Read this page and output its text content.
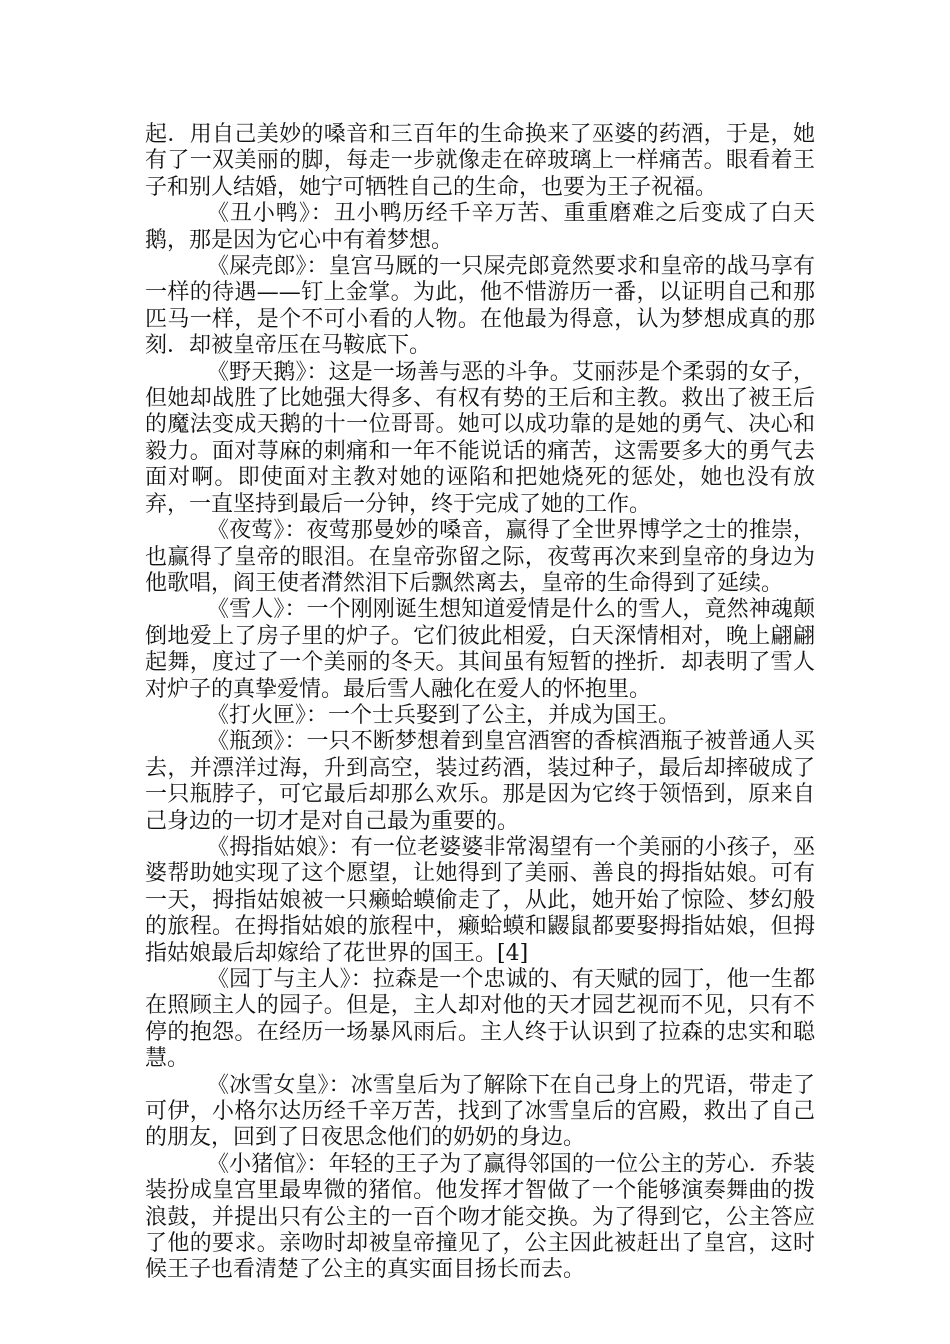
起．用自己美妙的嗓音和三百年的生命换来了巫婆的药酒，于是，她有了一双美丽的脚，每走一步就像走在碎玻璃上一样痛苦。眼看着王子和别人结婚，她宁可牺牲自己的生命，也要为王子祝福。

《丑小鸭》：丑小鸭历经千辛万苦、重重磨难之后变成了白天鹅，那是因为它心中有着梦想。

《屎壳郎》：皇宫马厩的一只屎壳郎竟然要求和皇帝的战马享有一样的待遇——钉上金掌。为此，他不惜游历一番，以证明自己和那匹马一样，是个不可小看的人物。在他最为得意，认为梦想成真的那刻．却被皇帝压在马鞍底下。

《野天鹅》：这是一场善与恶的斗争。艾丽莎是个柔弱的女子，但她却战胜了比她强大得多、有权有势的王后和主教。救出了被王后的魔法变成天鹅的十一位哥哥。她可以成功靠的是她的勇气、决心和毅力。面对荨麻的刺痛和一年不能说话的痛苦，这需要多大的勇气去面对啊。即使面对主教对她的诬陷和把她烧死的惩处，她也没有放弃，一直坚持到最后一分钟，终于完成了她的工作。

《夜莺》：夜莺那曼妙的嗓音，赢得了全世界博学之士的推崇，也赢得了皇帝的眼泪。在皇帝弥留之际，夜莺再次来到皇帝的身边为他歌唱，阎王使者潸然泪下后飘然离去，皇帝的生命得到了延续。

《雪人》：一个刚刚诞生想知道爱情是什么的雪人，竟然神魂颠倒地爱上了房子里的炉子。它们彼此相爱，白天深情相对，晚上翩翩起舞，度过了一个美丽的冬天。其间虽有短暂的挫折．却表明了雪人对炉子的真挚爱情。最后雪人融化在爱人的怀抱里。

《打火匣》：一个士兵娶到了公主，并成为国王。

《瓶颈》：一只不断梦想着到皇宫酒窖的香槟酒瓶子被普通人买去，并漂洋过海，升到高空，装过药酒，装过种子，最后却摔破成了一只瓶脖子，可它最后却那么欢乐。那是因为它终于领悟到，原来自己身边的一切才是对自己最为重要的。

《拇指姑娘》：有一位老婆婆非常渴望有一个美丽的小孩子，巫婆帮助她实现了这个愿望，让她得到了美丽、善良的拇指姑娘。可有一天，拇指姑娘被一只癞蛤蟆偷走了，从此，她开始了惊险、梦幻般的旅程。在拇指姑娘的旅程中，癞蛤蟆和鼹鼠都要娶拇指姑娘，但拇指姑娘最后却嫁给了花世界的国王。[4]

《园丁与主人》：拉森是一个忠诚的、有天赋的园丁，他一生都在照顾主人的园子。但是，主人却对他的天才园艺视而不见，只有不停的抱怨。在经历一场暴风雨后。主人终于认识到了拉森的忠实和聪慧。

《冰雪女皇》：冰雪皇后为了解除下在自己身上的咒语，带走了可伊，小格尔达历经千辛万苦，找到了冰雪皇后的宫殿，救出了自己的朋友，回到了日夜思念他们的奶奶的身边。

《小猪倌》：年轻的王子为了赢得邻国的一位公主的芳心．乔装装扮成皇宫里最卑微的猪倌。他发挥才智做了一个能够演奏舞曲的拨浪鼓，并提出只有公主的一百个吻才能交换。为了得到它，公主答应了他的要求。亲吻时却被皇帝撞见了，公主因此被赶出了皇宫，这时候王子也看清楚了公主的真实面目扬长而去。
